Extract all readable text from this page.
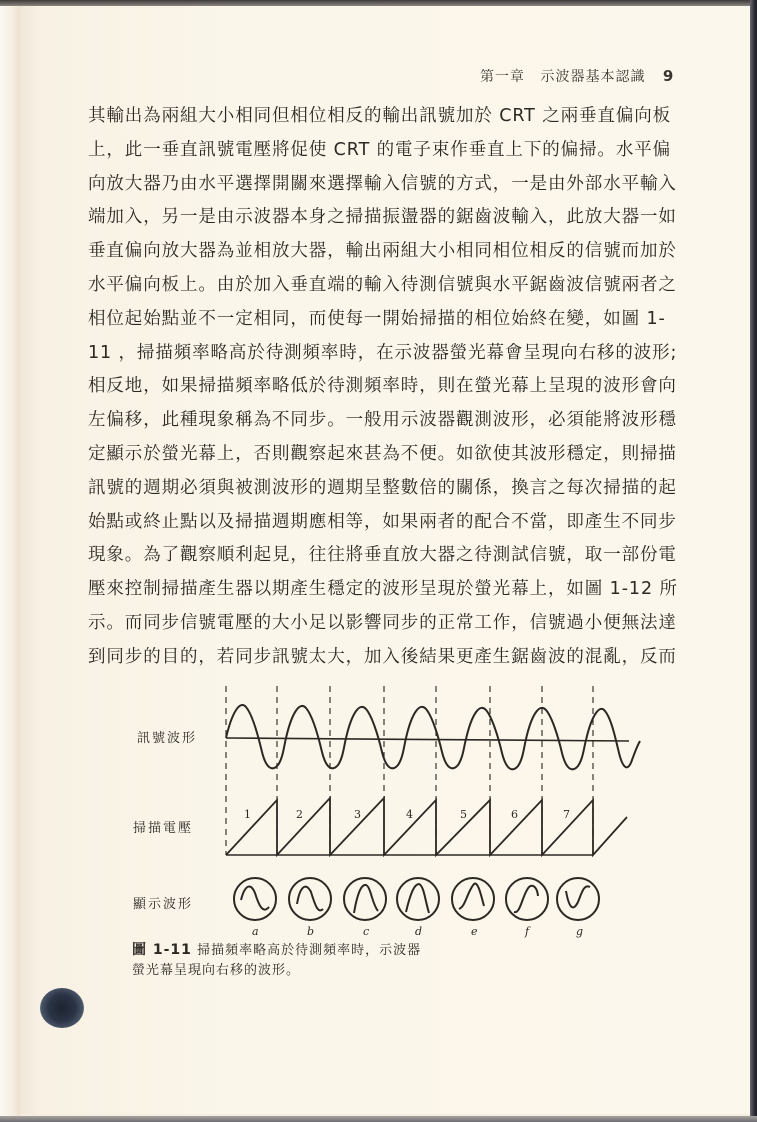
第一章 示波器基本認識 9
其輸出為兩組大小相同但相位相反的輸出訊號加於 CRT 之兩垂直偏向板
上，此一垂直訊號電壓將促使 CRT 的電子束作垂直上下的偏掃。水平偏
向放大器乃由水平選擇開關來選擇輸入信號的方式，一是由外部水平輸入
端加入，另一是由示波器本身之掃描振盪器的鋸齒波輸入，此放大器一如
垂直偏向放大器為並相放大器，輸出兩組大小相同相位相反的信號而加於
水平偏向板上。由於加入垂直端的輸入待測信號與水平鋸齒波信號兩者之
相位起始點並不一定相同，而使每一開始掃描的相位始終在變，如圖 1-
11 ，掃描頻率略高於待測頻率時，在示波器螢光幕會呈現向右移的波形;
相反地，如果掃描頻率略低於待測頻率時，則在螢光幕上呈現的波形會向
左偏移，此種現象稱為不同步。一般用示波器觀測波形，必須能將波形穩
定顯示於螢光幕上，否則觀察起來甚為不便。如欲使其波形穩定，則掃描
訊號的週期必須與被測波形的週期呈整數倍的關係，換言之每次掃描的起
始點或終止點以及掃描週期應相等，如果兩者的配合不當，即產生不同步
現象。為了觀察順利起見，往往將垂直放大器之待測試信號，取一部份電
壓來控制掃描產生器以期產生穩定的波形呈現於螢光幕上，如圖 1-12 所
示。而同步信號電壓的大小足以影響同步的正常工作，信號過小便無法達
到同步的目的，若同步訊號太大，加入後結果更產生鋸齒波的混亂，反而
訊號波形
掃描電壓
顯示波形
1	2	3	4	5	6	7
a	b	c	d	e	f	g
圖 1-11 掃描頻率略高於待測頻率時，示波器
螢光幕呈現向右移的波形。
